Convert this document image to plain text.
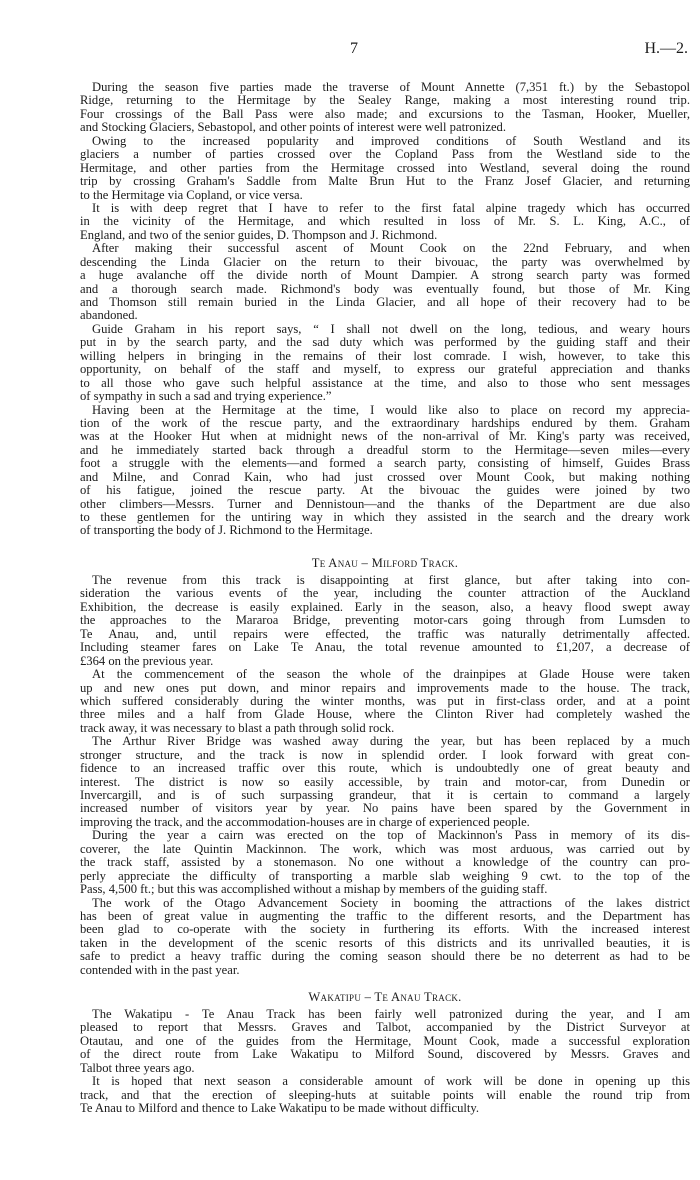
7	H.—2.
During the season five parties made the traverse of Mount Annette (7,351 ft.) by the Sebastopol
Ridge, returning to the Hermitage by the Sealey Range, making a most interesting round trip.
Four crossings of the Ball Pass were also made; and excursions to the Tasman, Hooker, Mueller,
and Stocking Glaciers, Sebastopol, and other points of interest were well patronized.
Owing to the increased popularity and improved conditions of South Westland and its
glaciers a number of parties crossed over the Copland Pass from the Westland side to the
Hermitage, and other parties from the Hermitage crossed into Westland, several doing the round
trip by crossing Graham's Saddle from Malte Brun Hut to the Franz Josef Glacier, and returning
to the Hermitage via Copland, or vice versa.
It is with deep regret that I have to refer to the first fatal alpine tragedy which has occurred
in the vicinity of the Hermitage, and which resulted in loss of Mr. S. L. King, A.C., of
England, and two of the senior guides, D. Thompson and J. Richmond.
After making their successful ascent of Mount Cook on the 22nd February, and when
descending the Linda Glacier on the return to their bivouac, the party was overwhelmed by
a huge avalanche off the divide north of Mount Dampier. A strong search party was formed
and a thorough search made. Richmond's body was eventually found, but those of Mr. King
and Thomson still remain buried in the Linda Glacier, and all hope of their recovery had to be
abandoned.
Guide Graham in his report says, “ I shall not dwell on the long, tedious, and weary hours
put in by the search party, and the sad duty which was performed by the guiding staff and their
willing helpers in bringing in the remains of their lost comrade. I wish, however, to take this
opportunity, on behalf of the staff and myself, to express our grateful appreciation and thanks
to all those who gave such helpful assistance at the time, and also to those who sent messages
of sympathy in such a sad and trying experience.”
Having been at the Hermitage at the time, I would like also to place on record my apprecia-
tion of the work of the rescue party, and the extraordinary hardships endured by them. Graham
was at the Hooker Hut when at midnight news of the non-arrival of Mr. King's party was received,
and he immediately started back through a dreadful storm to the Hermitage—seven miles—every
foot a struggle with the elements—and formed a search party, consisting of himself, Guides Brass
and Milne, and Conrad Kain, who had just crossed over Mount Cook, but making nothing
of his fatigue, joined the rescue party. At the bivouac the guides were joined by two
other climbers—Messrs. Turner and Dennistoun—and the thanks of the Department are due also
to these gentlemen for the untiring way in which they assisted in the search and the dreary work
of transporting the body of J. Richmond to the Hermitage.
Te Anau – Milford Track.
The revenue from this track is disappointing at first glance, but after taking into con-
sideration the various events of the year, including the counter attraction of the Auckland
Exhibition, the decrease is easily explained. Early in the season, also, a heavy flood swept away
the approaches to the Mararoa Bridge, preventing motor-cars going through from Lumsden to
Te Anau, and, until repairs were effected, the traffic was naturally detrimentally affected.
Including steamer fares on Lake Te Anau, the total revenue amounted to £1,207, a decrease of
£364 on the previous year.
At the commencement of the season the whole of the drainpipes at Glade House were taken
up and new ones put down, and minor repairs and improvements made to the house. The track,
which suffered considerably during the winter months, was put in first-class order, and at a point
three miles and a half from Glade House, where the Clinton River had completely washed the
track away, it was necessary to blast a path through solid rock.
The Arthur River Bridge was washed away during the year, but has been replaced by a much
stronger structure, and the track is now in splendid order. I look forward with great con-
fidence to an increased traffic over this route, which is undoubtedly one of great beauty and
interest. The district is now so easily accessible, by train and motor-car, from Dunedin or
Invercargill, and is of such surpassing grandeur, that it is certain to command a largely
increased number of visitors year by year. No pains have been spared by the Government in
improving the track, and the accommodation-houses are in charge of experienced people.
During the year a cairn was erected on the top of Mackinnon's Pass in memory of its dis-
coverer, the late Quintin Mackinnon. The work, which was most arduous, was carried out by
the track staff, assisted by a stonemason. No one without a knowledge of the country can pro-
perly appreciate the difficulty of transporting a marble slab weighing 9 cwt. to the top of the
Pass, 4,500 ft.; but this was accomplished without a mishap by members of the guiding staff.
The work of the Otago Advancement Society in booming the attractions of the lakes district
has been of great value in augmenting the traffic to the different resorts, and the Department has
been glad to co-operate with the society in furthering its efforts. With the increased interest
taken in the development of the scenic resorts of this districts and its unrivalled beauties, it is
safe to predict a heavy traffic during the coming season should there be no deterrent as had to be
contended with in the past year.
Wakatipu – Te Anau Track.
The Wakatipu - Te Anau Track has been fairly well patronized during the year, and I am
pleased to report that Messrs. Graves and Talbot, accompanied by the District Surveyor at
Otautau, and one of the guides from the Hermitage, Mount Cook, made a successful exploration
of the direct route from Lake Wakatipu to Milford Sound, discovered by Messrs. Graves and
Talbot three years ago.
It is hoped that next season a considerable amount of work will be done in opening up this
track, and that the erection of sleeping-huts at suitable points will enable the round trip from
Te Anau to Milford and thence to Lake Wakatipu to be made without difficulty.
